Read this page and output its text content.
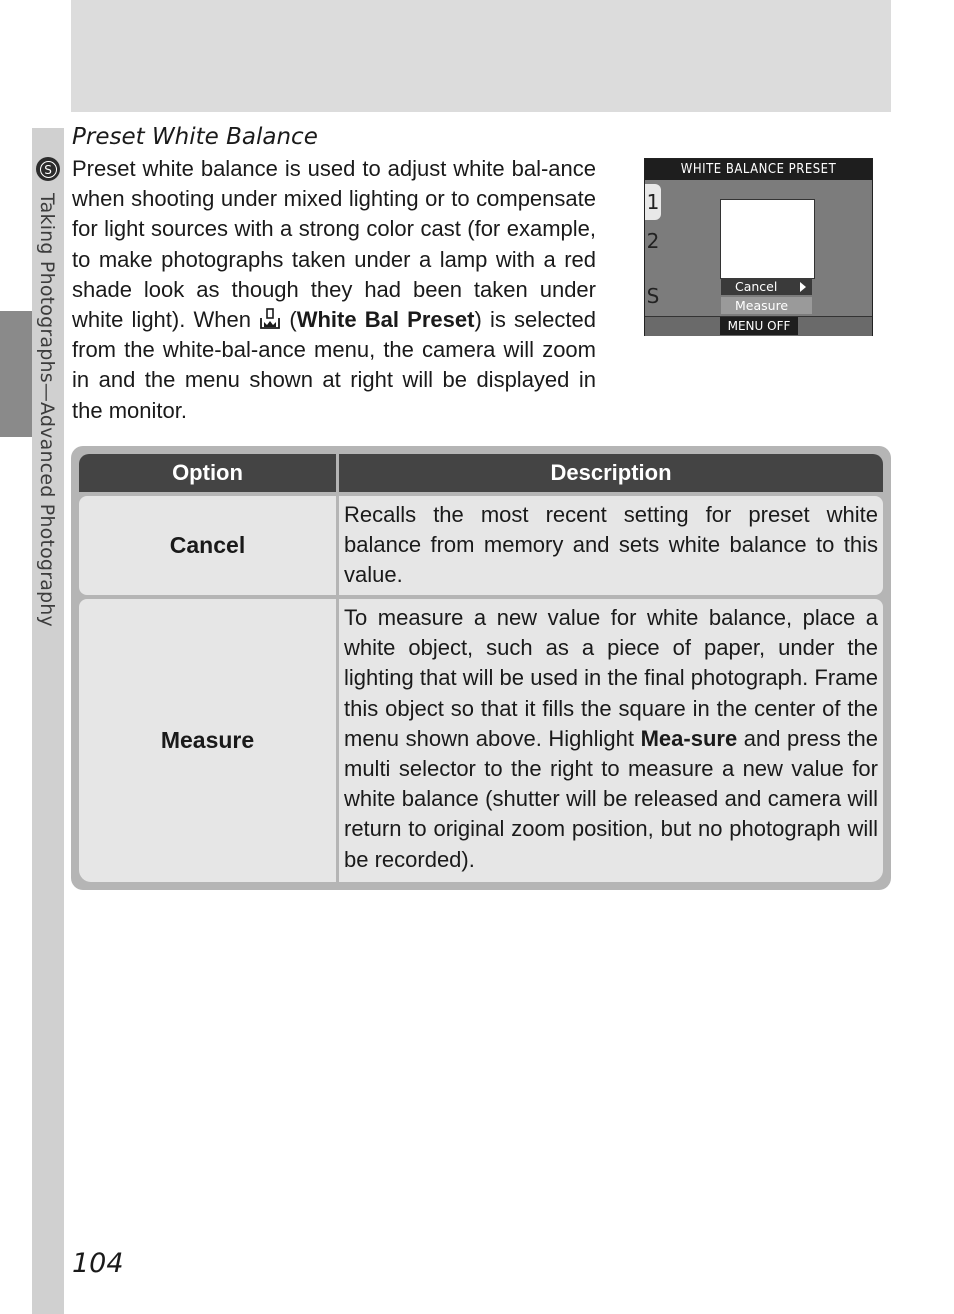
S
Taking Photographs—Advanced Photography
Preset White Balance
Preset white balance is used to adjust white bal-ance when shooting under mixed lighting or to compensate for light sources with a strong color cast (for example, to make photographs taken under a lamp with a red shade look as though they had been taken under white light). When  (White Bal Preset) is selected from the white-bal-ance menu, the camera will zoom in and the menu shown at right will be displayed in the monitor.
WHITE BALANCE PRESET
1
2
S	Cancel
Measure
MENU OFF
Option	Description
Cancel
Recalls the most recent setting for preset white balance from memory and sets white balance to this value.
Measure
To measure a new value for white balance, place a white object, such as a piece of paper, under the lighting that will be used in the final photograph. Frame this object so that it fills the square in the center of the menu shown above. Highlight Mea-sure and press the multi selector to the right to measure a new value for white balance (shutter will be released and camera will return to original zoom position, but no photograph will be recorded).
104
